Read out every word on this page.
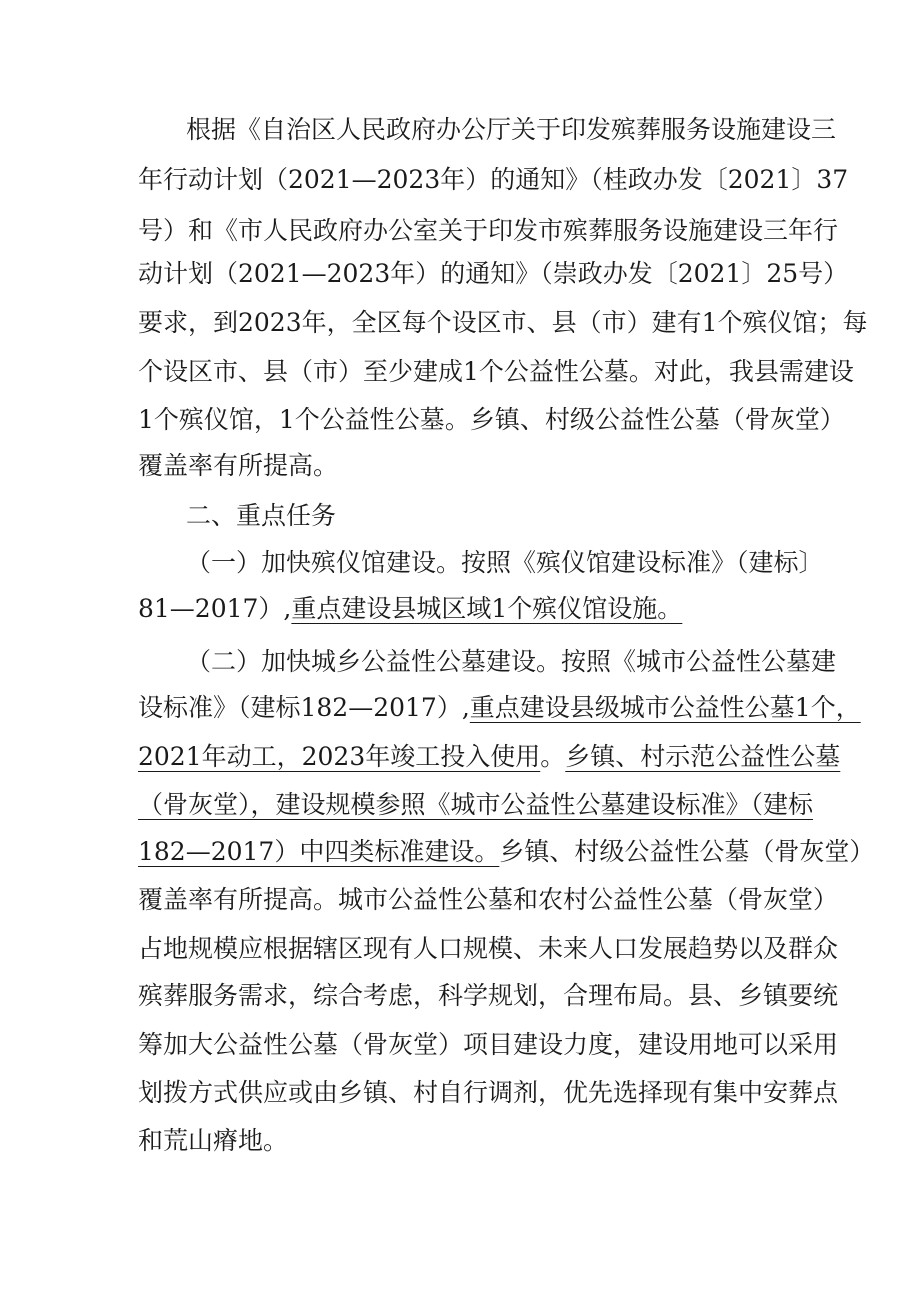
根据《自治区人民政府办公厅关于印发殡葬服务设施建设三
年行动计划（2021—2023年）的通知》（桂政办发〔2021〕37
号）和《市人民政府办公室关于印发市殡葬服务设施建设三年行
动计划（2021—2023年）的通知》（崇政办发〔2021〕25号）
要求，到2023年，全区每个设区市、县（市）建有1个殡仪馆；每
个设区市、县（市）至少建成1个公益性公墓。对此，我县需建设
1个殡仪馆，1个公益性公墓。乡镇、村级公益性公墓（骨灰堂）
覆盖率有所提高。
二、重点任务
（一）加快殡仪馆建设。按照《殡仪馆建设标准》（建标〕
81—2017）,重点建设县城区域1个殡仪馆设施。
（二）加快城乡公益性公墓建设。按照《城市公益性公墓建
设标准》（建标182—2017）,重点建设县级城市公益性公墓1个，
2021年动工，2023年竣工投入使用。乡镇、村示范公益性公墓
（骨灰堂），建设规模参照《城市公益性公墓建设标准》（建标
182—2017）中四类标准建设。乡镇、村级公益性公墓（骨灰堂）
覆盖率有所提高。城市公益性公墓和农村公益性公墓（骨灰堂）
占地规模应根据辖区现有人口规模、未来人口发展趋势以及群众
殡葬服务需求，综合考虑，科学规划，合理布局。县、乡镇要统
筹加大公益性公墓（骨灰堂）项目建设力度，建设用地可以采用
划拨方式供应或由乡镇、村自行调剂，优先选择现有集中安葬点
和荒山瘠地。
